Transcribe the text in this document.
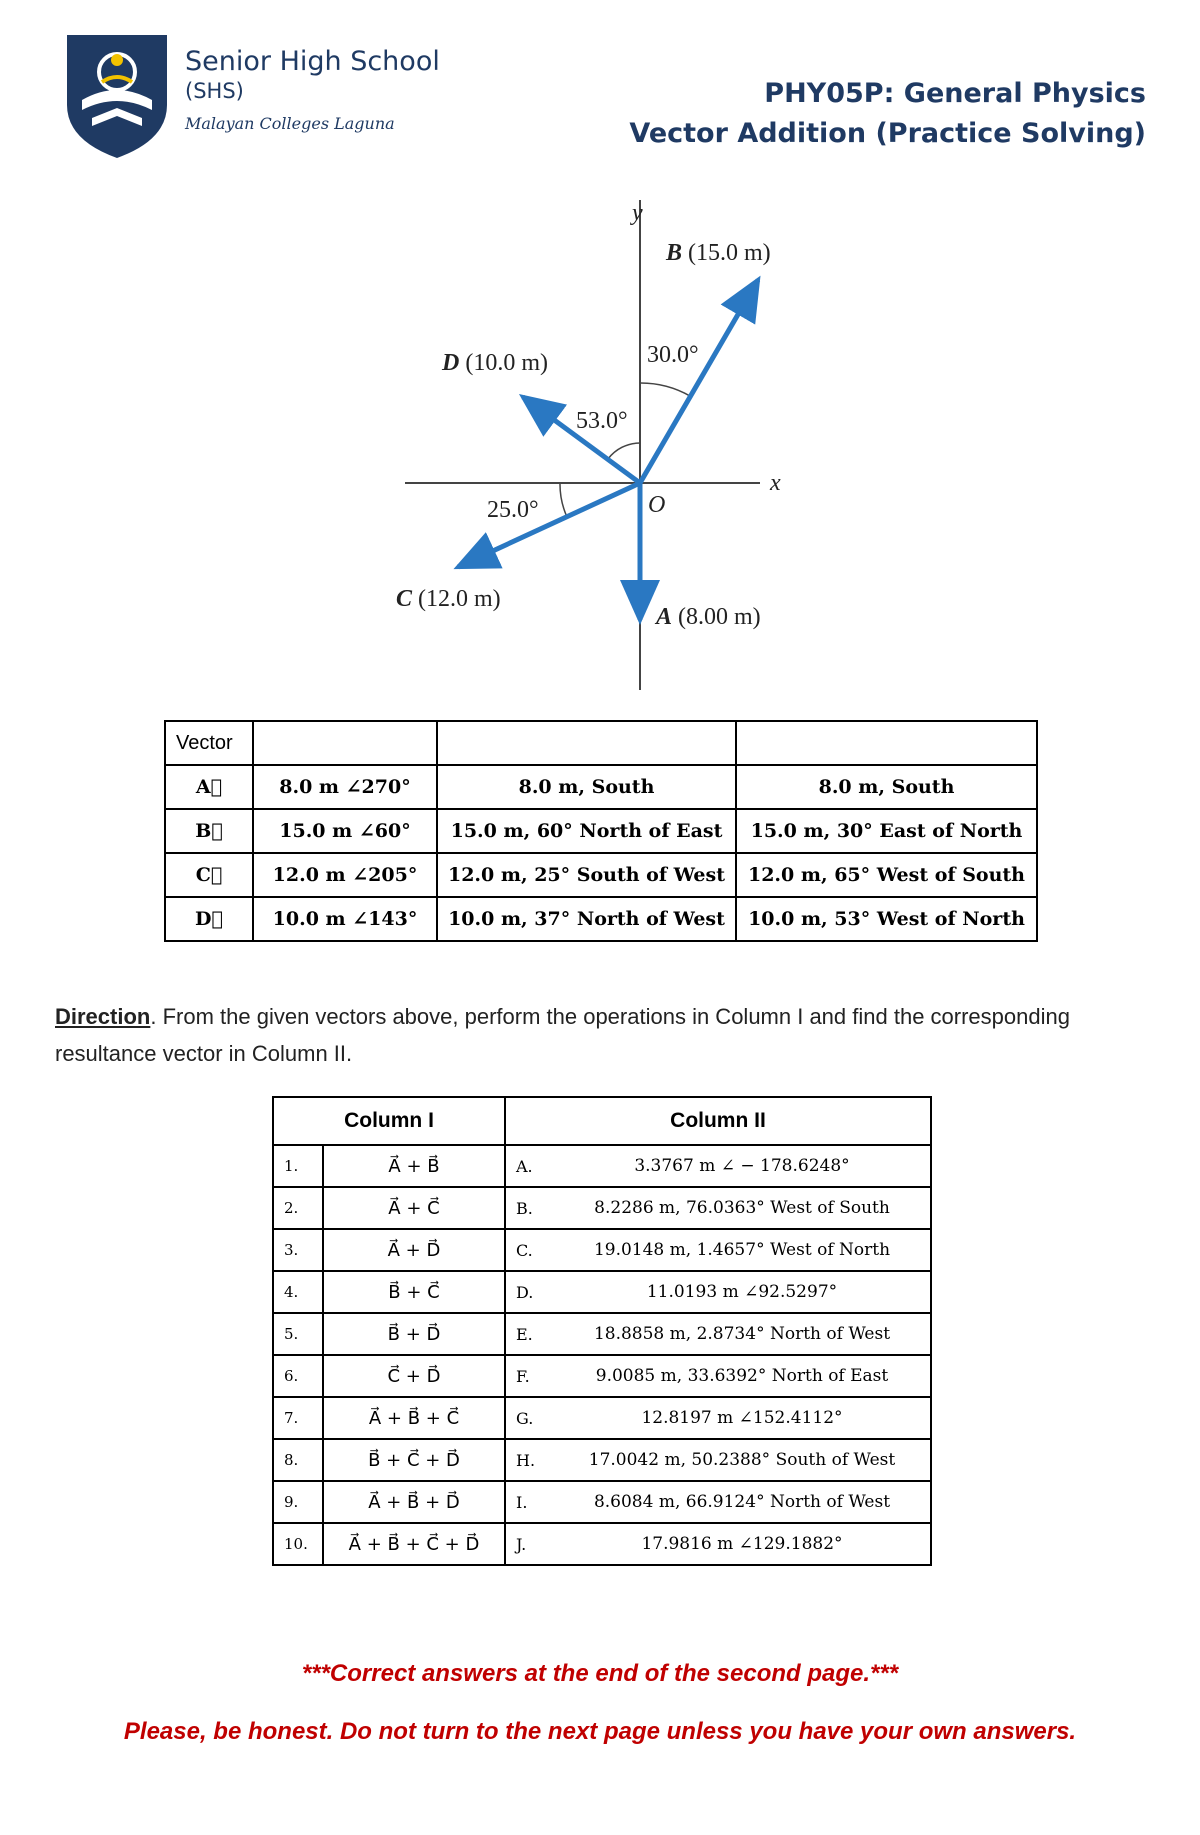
Senior High School
(SHS)
Malayan Colleges Laguna
PHY05P: General Physics
Vector Addition (Practice Solving)
y
x
O
B (15.0 m)
30.0°
D (10.0 m)
53.0°
25.0°
C (12.0 m)
A (8.00 m)
Vector			
A⃗	8.0 m ∠270°	8.0 m, South	8.0 m, South
B⃗	15.0 m ∠60°	15.0 m, 60° North of East	15.0 m, 30° East of North
C⃗	12.0 m ∠205°	12.0 m, 25° South of West	12.0 m, 65° West of South
D⃗	10.0 m ∠143°	10.0 m, 37° North of West	10.0 m, 53° West of North
Direction. From the given vectors above, perform the operations in Column I and find the corresponding resultance vector in Column II.
Column I		Column II	
1.	A⃗ + B⃗	A.	3.3767 m ∠ − 178.6248°
2.	A⃗ + C⃗	B.	8.2286 m, 76.0363° West of South
3.	A⃗ + D⃗	C.	19.0148 m, 1.4657° West of North
4.	B⃗ + C⃗	D.	11.0193 m ∠92.5297°
5.	B⃗ + D⃗	E.	18.8858 m, 2.8734° North of West
6.	C⃗ + D⃗	F.	9.0085 m, 33.6392° North of East
7.	A⃗ + B⃗ + C⃗	G.	12.8197 m ∠152.4112°
8.	B⃗ + C⃗ + D⃗	H.	17.0042 m, 50.2388° South of West
9.	A⃗ + B⃗ + D⃗	I.	8.6084 m, 66.9124° North of West
10.	A⃗ + B⃗ + C⃗ + D⃗	J.	17.9816 m ∠129.1882°
***Correct answers at the end of the second page.***
Please, be honest. Do not turn to the next page unless you have your own answers.
